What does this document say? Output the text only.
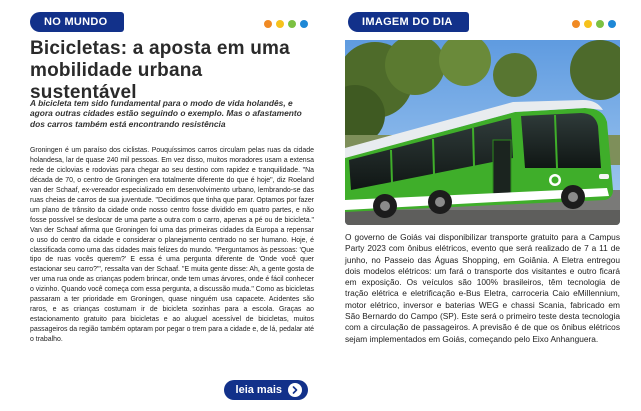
NO MUNDO
Bicicletas: a aposta em uma mobilidade urbana sustentável

A bicicleta tem sido fundamental para o modo de vida holandês, e agora outras cidades estão seguindo o exemplo. Mas o afastamento dos carros também está encontrando resistência

Groningen é um paraíso dos ciclistas. Pouquíssimos carros circulam pelas ruas da cidade holandesa, lar de quase 240 mil pessoas. Em vez disso, muitos moradores usam a extensa rede de ciclovias e rodovias para chegar ao seu destino com rapidez e tranquilidade. "Na década de 70, o centro de Groningen era totalmente diferente do que é hoje", diz Roeland van der Schaaf, ex-vereador especializado em desenvolvimento urbano, lembrando-se das ruas cheias de carros de sua juventude. "Decidimos que tinha que parar. Optamos por fazer um plano de trânsito da cidade onde nosso centro fosse dividido em quatro partes, e não fosse possível se deslocar de uma parte a outra com o carro, apenas a pé ou de bicicleta." Van der Schaaf afirma que Groningen foi uma das primeiras cidades da Europa a repensar o uso do centro da cidade e considerar o planejamento centrado no ser humano. Hoje, é classificada como uma das cidades mais felizes do mundo. "Perguntamos às pessoas: 'Que tipo de ruas vocês querem?' E essa é uma pergunta diferente de 'Onde você quer estacionar seu carro?'", ressalta van der Schaaf. "E muita gente disse: Ah, a gente gosta de ver uma rua onde as crianças podem brincar, onde tem umas árvores, onde é fácil conhecer o vizinho. Quando você começa com essa pergunta, a discussão muda." Como as bicicletas passaram a ter prioridade em Groningen, quase ninguém usa capacete. Acidentes são raros, e as crianças costumam ir de bicicleta sozinhas para a escola. Graças ao estacionamento gratuito para bicicletas e ao aluguel acessível de bicicletas, muitos passageiros da região também optaram por pegar o trem para a cidade e, de lá, pedalar até o trabalho.

leia mais
IMAGEM DO DIA

O governo de Goiás vai disponibilizar transporte gratuito para a Campus Party 2023 com ônibus elétricos, evento que será realizado de 7 a 11 de junho, no Passeio das Águas Shopping, em Goiânia. A Eletra entregou dois modelos elétricos: um fará o transporte dos visitantes e outro ficará em exposição. Os veículos são 100% brasileiros, têm tecnologia de tração elétrica e eletrificação e-Bus Eletra, carroceria Caio eMillennium, motor elétrico, inversor e baterias WEG e chassi Scania, fabricado em São Bernardo do Campo (SP). Este será o primeiro teste desta tecnologia com a circulação de passageiros. A previsão é de que os ônibus elétricos sejam implementados em Goiás, começando pelo Eixo Anhanguera.
